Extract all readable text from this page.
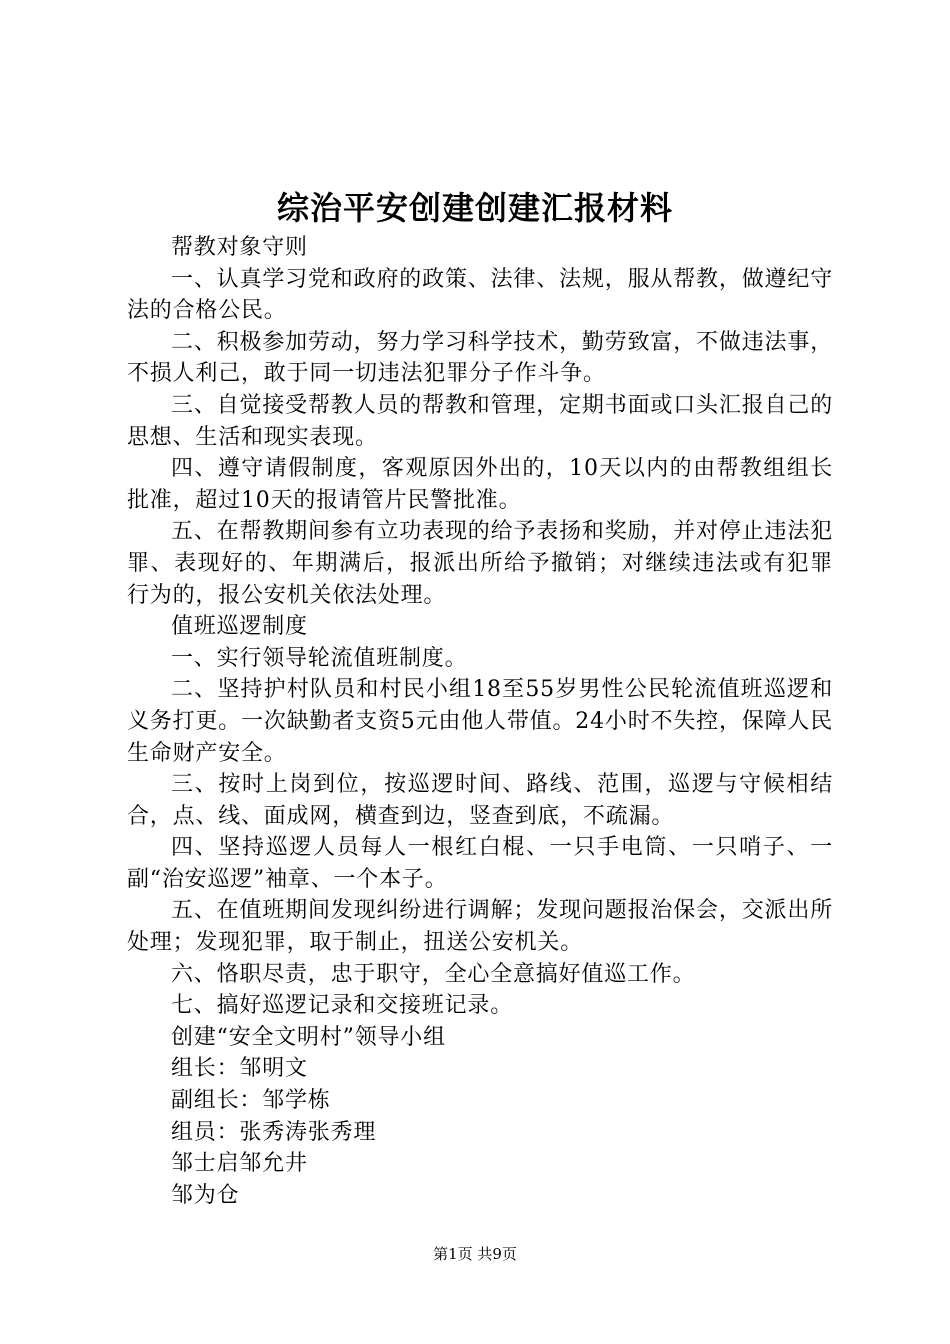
综治平安创建创建汇报材料

帮教对象守则

一、认真学习党和政府的政策、法律、法规，服从帮教，做遵纪守法的合格公民。

二、积极参加劳动，努力学习科学技术，勤劳致富，不做违法事，不损人利己，敢于同一切违法犯罪分子作斗争。

三、自觉接受帮教人员的帮教和管理，定期书面或口头汇报自己的思想、生活和现实表现。

四、遵守请假制度，客观原因外出的，10天以内的由帮教组组长批准，超过10天的报请管片民警批准。

五、在帮教期间参有立功表现的给予表扬和奖励，并对停止违法犯罪、表现好的、年期满后，报派出所给予撤销；对继续违法或有犯罪行为的，报公安机关依法处理。

值班巡逻制度

一、实行领导轮流值班制度。

二、坚持护村队员和村民小组18至55岁男性公民轮流值班巡逻和义务打更。一次缺勤者支资5元由他人带值。24小时不失控，保障人民生命财产安全。

三、按时上岗到位，按巡逻时间、路线、范围，巡逻与守候相结合，点、线、面成网，横查到边，竖查到底，不疏漏。

四、坚持巡逻人员每人一根红白棍、一只手电筒、一只哨子、一副“治安巡逻”袖章、一个本子。

五、在值班期间发现纠纷进行调解；发现问题报治保会，交派出所处理；发现犯罪，取于制止，扭送公安机关。

六、恪职尽责，忠于职守，全心全意搞好值巡工作。

七、搞好巡逻记录和交接班记录。

创建“安全文明村”领导小组

组长：邹明文

副组长：邹学栋

组员：张秀涛张秀理

邹士启邹允井

邹为仓

第1页 共9页
